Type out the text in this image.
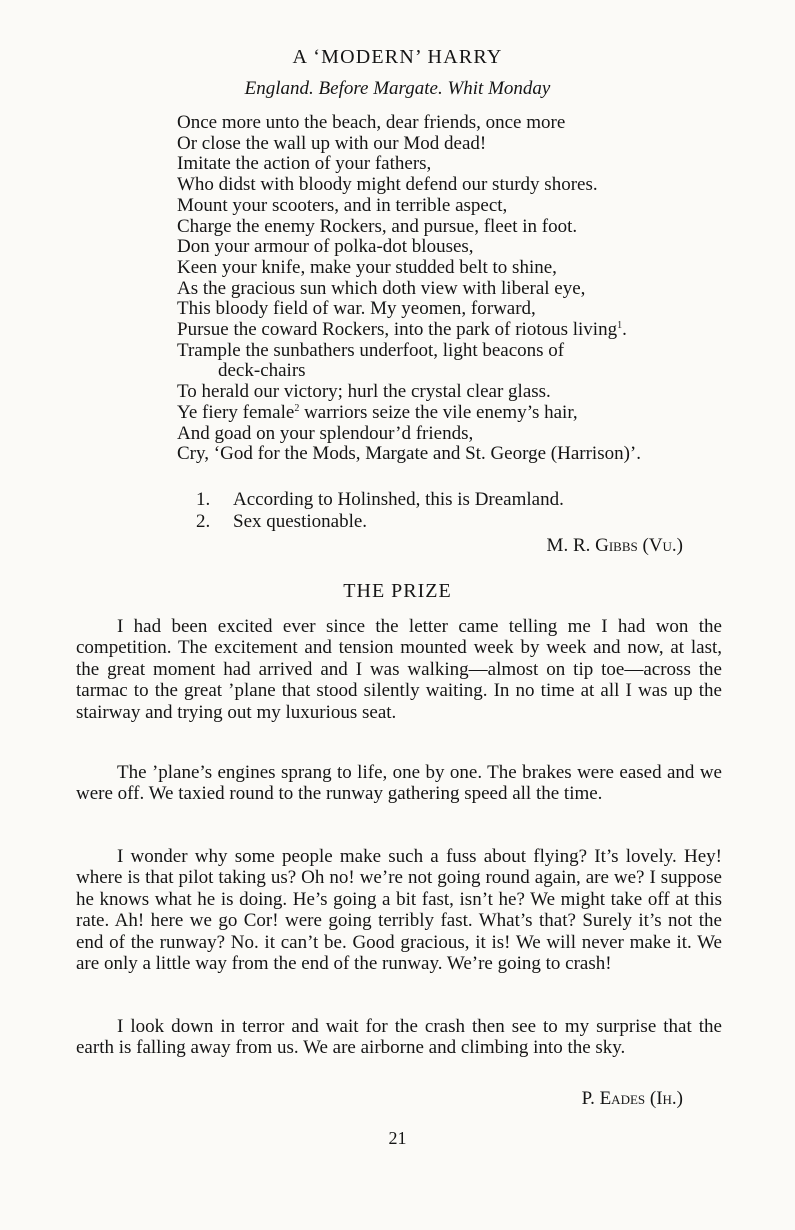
A ‘MODERN’ HARRY
England. Before Margate. Whit Monday
Once more unto the beach, dear friends, once more
Or close the wall up with our Mod dead!
Imitate the action of your fathers,
Who didst with bloody might defend our sturdy shores.
Mount your scooters, and in terrible aspect,
Charge the enemy Rockers, and pursue, fleet in foot.
Don your armour of polka-dot blouses,
Keen your knife, make your studded belt to shine,
As the gracious sun which doth view with liberal eye,
This bloody field of war. My yeomen, forward,
Pursue the coward Rockers, into the park of riotous living$^1$.
Trample the sunbathers underfoot, light beacons of
deck-chairs
To herald our victory; hurl the crystal clear glass.
Ye fiery female$^2$ warriors seize the vile enemy’s hair,
And goad on your splendour’d friends,
Cry, ‘God for the Mods, Margate and St. George (Harrison)’.
1.	According to Holinshed, this is Dreamland.
2.	Sex questionable.
M. R. Gibbs (Vu.)
THE PRIZE

I had been excited ever since the letter came telling me I had won the competition. The excitement and tension mounted week by week and now, at last, the great moment had arrived and I was walking—almost on tip toe—across the tarmac to the great ’plane that stood silently waiting. In no time at all I was up the stairway and trying out my luxurious seat.

The ’plane’s engines sprang to life, one by one. The brakes were eased and we were off. We taxied round to the runway gathering speed all the time.

I wonder why some people make such a fuss about flying? It’s lovely. Hey! where is that pilot taking us? Oh no! we’re not going round again, are we? I suppose he knows what he is doing. He’s going a bit fast, isn’t he? We might take off at this rate. Ah! here we go Cor! were going terribly fast. What’s that? Surely it’s not the end of the runway? No. it can’t be. Good gracious, it is! We will never make it. We are only a little way from the end of the runway. We’re going to crash!

I look down in terror and wait for the crash then see to my surprise that the earth is falling away from us. We are airborne and climbing into the sky.

P. Eades (Ih.)
21
